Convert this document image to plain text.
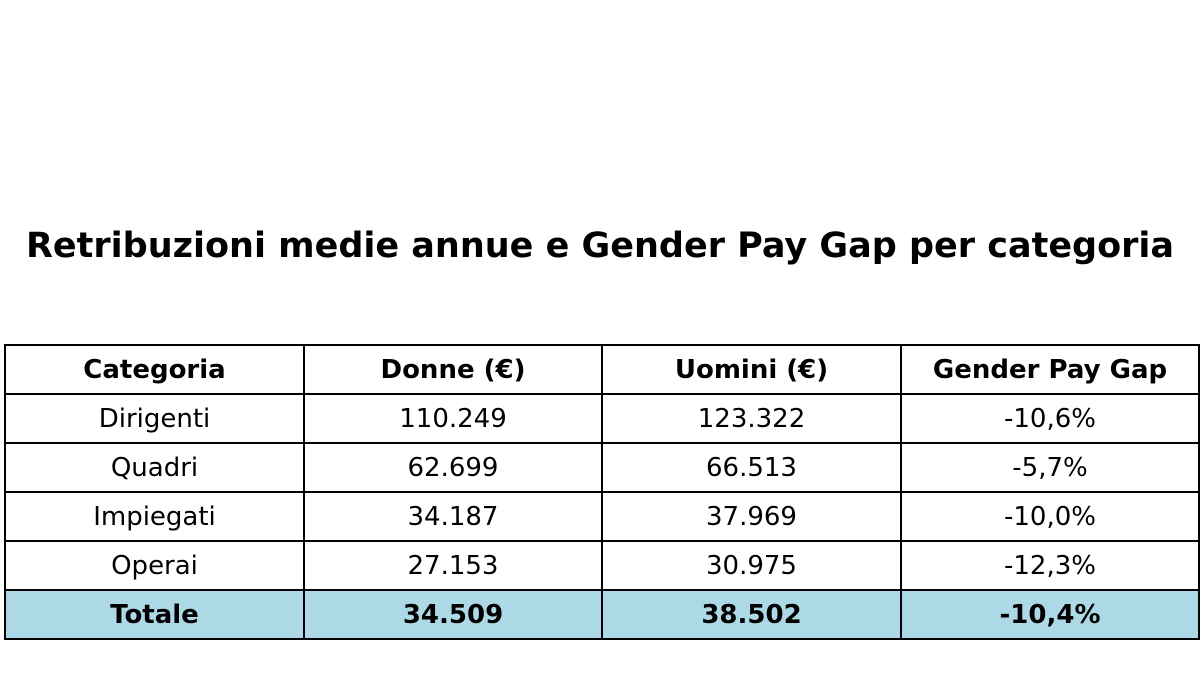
Retribuzioni medie annue e Gender Pay Gap per categoria
Categoria	Donne (€)	Uomini (€)	Gender Pay Gap
Dirigenti	110.249	123.322	-10,6%
Quadri	62.699	66.513	-5,7%
Impiegati	34.187	37.969	-10,0%
Operai	27.153	30.975	-12,3%
Totale	34.509	38.502	-10,4%
